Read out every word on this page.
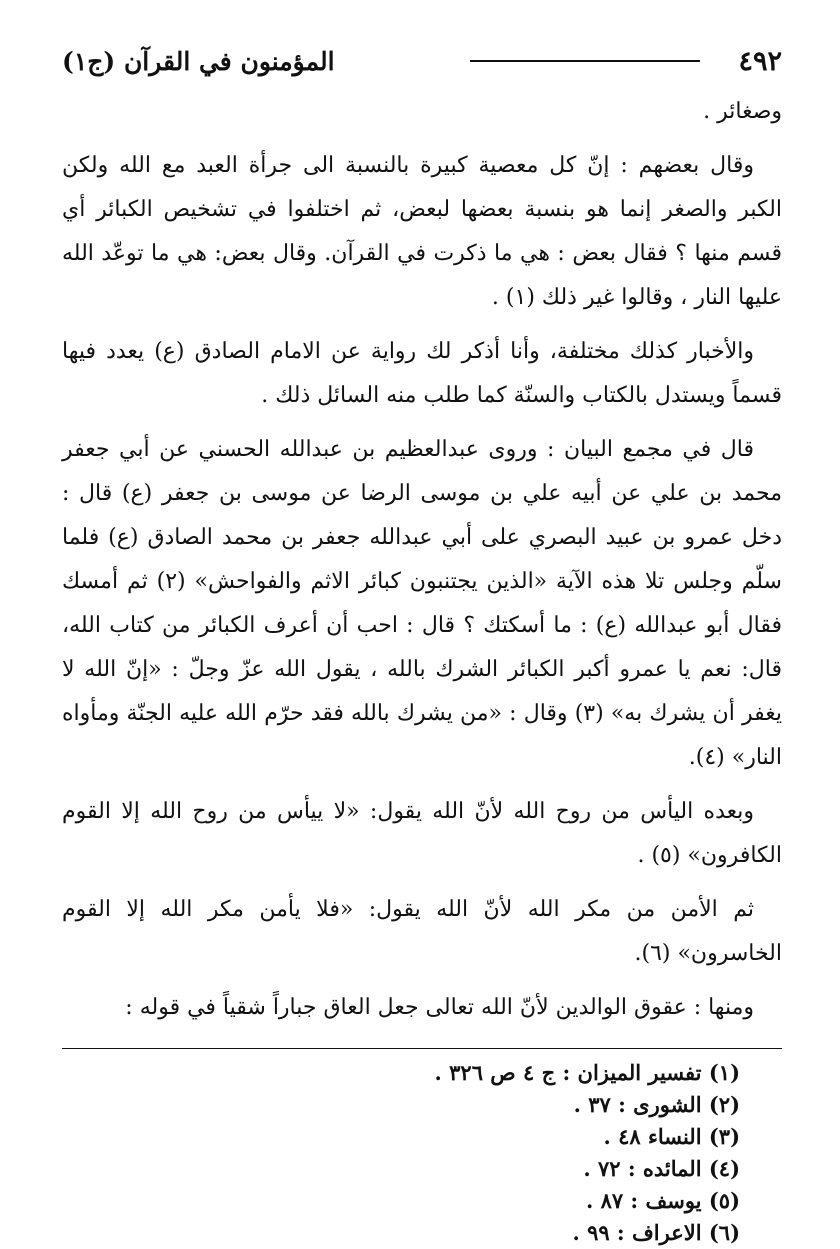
٤٩٢
المؤمنون في القرآن (ج١)

وصغائر .

وقال بعضهم : إنّ كل معصية كبيرة بالنسبة الى جرأة العبد مع الله ولكن الكبر والصغر إنما هو بنسبة بعضها لبعض، ثم اختلفوا في تشخيص الكبائر أي قسم منها ؟ فقال بعض : هي ما ذكرت في القرآن. وقال بعض: هي ما توعّد الله عليها النار ، وقالوا غير ذلك (١) .

والأخبار كذلك مختلفة، وأنا أذكر لك رواية عن الامام الصادق (ع) يعدد فيها قسماً ويستدل بالكتاب والسنّة كما طلب منه السائل ذلك .

قال في مجمع البيان : وروى عبدالعظيم بن عبدالله الحسني عن أبي جعفر محمد بن علي عن أبيه علي بن موسى الرضا عن موسى بن جعفر (ع) قال : دخل عمرو بن عبيد البصري على أبي عبدالله جعفر بن محمد الصادق (ع) فلما سلّم وجلس تلا هذه الآية «الذين يجتنبون كبائر الاثم والفواحش» (٢) ثم أمسك فقال أبو عبدالله (ع) : ما أسكتك ؟ قال : احب أن أعرف الكبائر من كتاب الله، قال: نعم يا عمرو أكبر الكبائر الشرك بالله ، يقول الله عزّ وجلّ : «إنّ الله لا يغفر أن يشرك به» (٣) وقال : «من يشرك بالله فقد حرّم الله عليه الجنّة ومأواه النار» (٤).

وبعده اليأس من روح الله لأنّ الله يقول: «لا ييأس من روح الله إلا القوم الكافرون» (٥) .

ثم الأمن من مكر الله لأنّ الله يقول: «فلا يأمن مكر الله إلا القوم الخاسرون» (٦).

ومنها : عقوق الوالدين لأنّ الله تعالى جعل العاق جباراً شقياً في قوله :

(١) تفسير الميزان : ج ٤ ص ٣٢٦ .

(٢) الشورى : ٣٧ .

(٣) النساء ٤٨ .

(٤) المائده : ٧٢ .

(٥) يوسف : ٨٧ .

(٦) الاعراف : ٩٩ .
